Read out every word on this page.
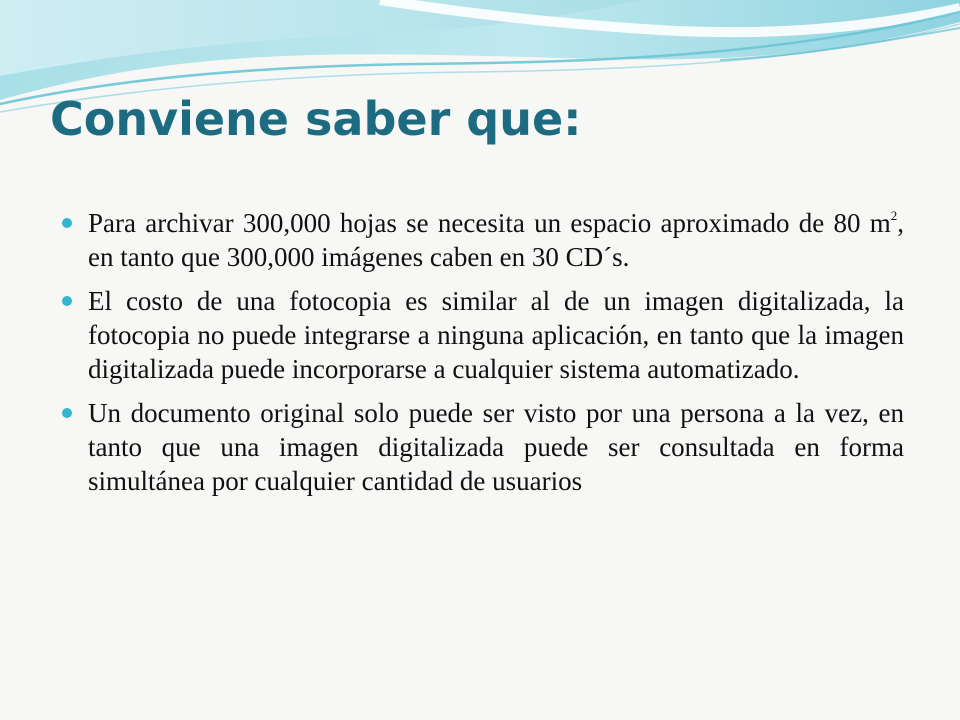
Conviene saber que:
Para archivar 300,000 hojas se necesita un espacio aproximado de 80 $m^2$, en tanto que 300,000 imágenes caben en 30 CD´s.
El costo de una fotocopia es similar al de un imagen digitalizada, la fotocopia no puede integrarse a ninguna aplicación, en tanto que la imagen digitalizada puede incorporarse a cualquier sistema automatizado.
Un documento original solo puede ser visto por una persona a la vez, en tanto que una imagen digitalizada puede ser consultada en forma simultánea por cualquier cantidad de usuarios
